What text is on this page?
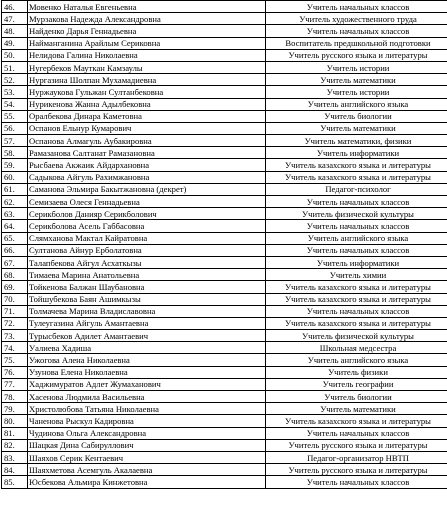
46.	Мовенко Наталья Евгеньевна	Учитель начальных классов
47.	Мурзакова Надежда Александровна	Учитель художественного труда
48.	Найденко Дарья Геннадьевна	Учитель начальных классов
49.	Найманганина Арайлым Сериковна	Воспитатель предшкольной подготовки
50.	Нелидова Галина Николаевна	Учитель русского языка и литературы
51.	Нугербеков Мауткан Камзаулы	Учитель истории
52.	Нургазина Шолпан Мухамадиевна	Учитель математики
53.	Нуржаукова Гульжан Султанбековна	Учитель истории
54.	Нурикенова Жанна Адылбековна	Учитель английского языка
55.	Оралбекова Динара Каметовна	Учитель биологии
56.	Оспанов Ельнур Кумарович	Учитель математики
57.	Оспанова Алмагуль Аубакировна	Учитель математики, физики
58.	Рамазанова Салтанат Рамазановна	Учитель информатики
59.	Рысбаева Акжаик Айдархановна	Учитель казахского языка и литературы
60.	Садыкова Айгуль Рахимжановна	Учитель казахского языка и литературы
61.	Саманова Эльмира Бакытжановна (декрет)	Педагог-психолог
62.	Семизаева Олеся Геннадьевна	Учитель начальных классов
63.	Серикболов Данияр Серикболович	Учитель физической культуры
64.	Серикболова Асель Габбасовна	Учитель начальных классов
65.	Слямханова Мактал Кайратовна	Учитель английского языка
66.	Султанова Айнур Ерболатовна	Учитель начальных классов
67.	Талапбекова Айгул Асхаткызы	Учитель информатики
68.	Тимаева Марина Анатольевна	Учитель химии
69.	Тойкенова Балжан Шаубановна	Учитель казахского языка и литературы
70.	Тойшубекова Баян Ашимкызы	Учитель казахского языка и литературы
71.	Толмачева Марина Владиславовна	Учитель начальных классов
72.	Тулеугазина Айгуль Амантаевна	Учитель казахского языка и литературы
73.	Турысбеков Адилет Амантаевич	Учитель физической культуры
74.	Уалиева Хадиша	Школьная медсестра
75.	Ужогова Алена Николаевна	Учитель английского языка
76.	Узунова Елена Николаевна	Учитель физики
77.	Хаджимуратов Адлет Жумаханович	Учитель географии
78.	Хасенова Людмила Васильевна	Учитель биологии
79.	Христолюбова Татьяна Николаевна	Учитель математики
80.	Чаненова Рыскул Кадировна	Учитель казахского языка и литературы
81.	Чудинова Ольга Александровна	Учитель начальных классов
82.	Шацкая Дина Сабируллович	Учитель русского языка и литературы
83.	Шаяхов Серик Кентаевич	Педагог-организатор НВТП
84.	Шаяхметова Асемгуль Акалаевна	Учитель русского языка и литературы
85.	Юсбекова Альмира Кинжетовна	Учитель начальных классов
